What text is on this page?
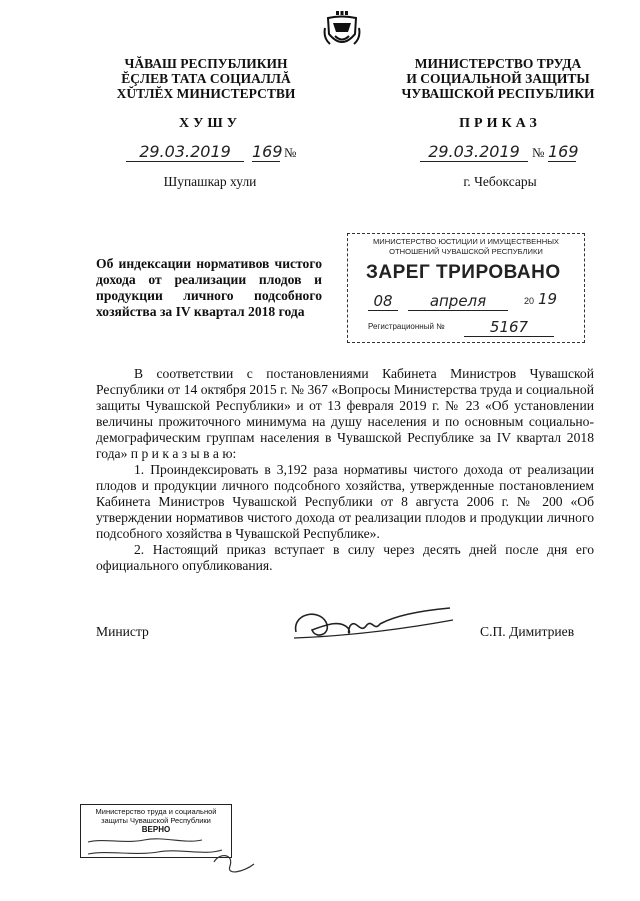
ЧĂВАШ РЕСПУБЛИКИН
ĔÇЛЕВ ТАТА СОЦИАЛЛĂ
ХŬТЛĔХ МИНИСТЕРСТВИ
МИНИСТЕРСТВО ТРУДА
И СОЦИАЛЬНОЙ ЗАЩИТЫ
ЧУВАШСКОЙ РЕСПУБЛИКИ
ХУШУ	ПРИКАЗ
29.03.2019	169 №	29.03.2019 № 169
Шупашкар хули	г. Чебоксары
Об индексации нормативов чистого дохода от реализации плодов и продукции личного подсобного хозяйства за IV квартал 2018 года
МИНИСТЕРСТВО ЮСТИЦИИ И ИМУЩЕСТВЕННЫХ
ОТНОШЕНИЙ ЧУВАШСКОЙ РЕСПУБЛИКИ
ЗАРЕГ ТРИРОВАНО
08	апреля	20 19
Регистрационный №	5167

В соответствии с постановлениями Кабинета Министров Чувашской Республики от 14 октября 2015 г. № 367 «Вопросы Министерства труда и социальной защиты Чувашской Республики» и от 13 февраля 2019 г. № 23 «Об установлении величины прожиточного минимума на душу населения и по основным социально-демографическим группам населения в Чувашской Республике за IV квартал 2018 года» п р и к а з ы в а ю:

1. Проиндексировать в 3,192 раза нормативы чистого дохода от реализации плодов и продукции личного подсобного хозяйства, утвержденные постановлением Кабинета Министров Чувашской Республики от 8 августа 2006 г. № 200 «Об утверждении нормативов чистого дохода от реализации плодов и продукции личного подсобного хозяйства в Чувашской Республике».

2. Настоящий приказ вступает в силу через десять дней после дня его официального опубликования.

Министр	С.П. Димитриев
Министерство труда и социальной
защиты Чувашской Республики
ВЕРНО
